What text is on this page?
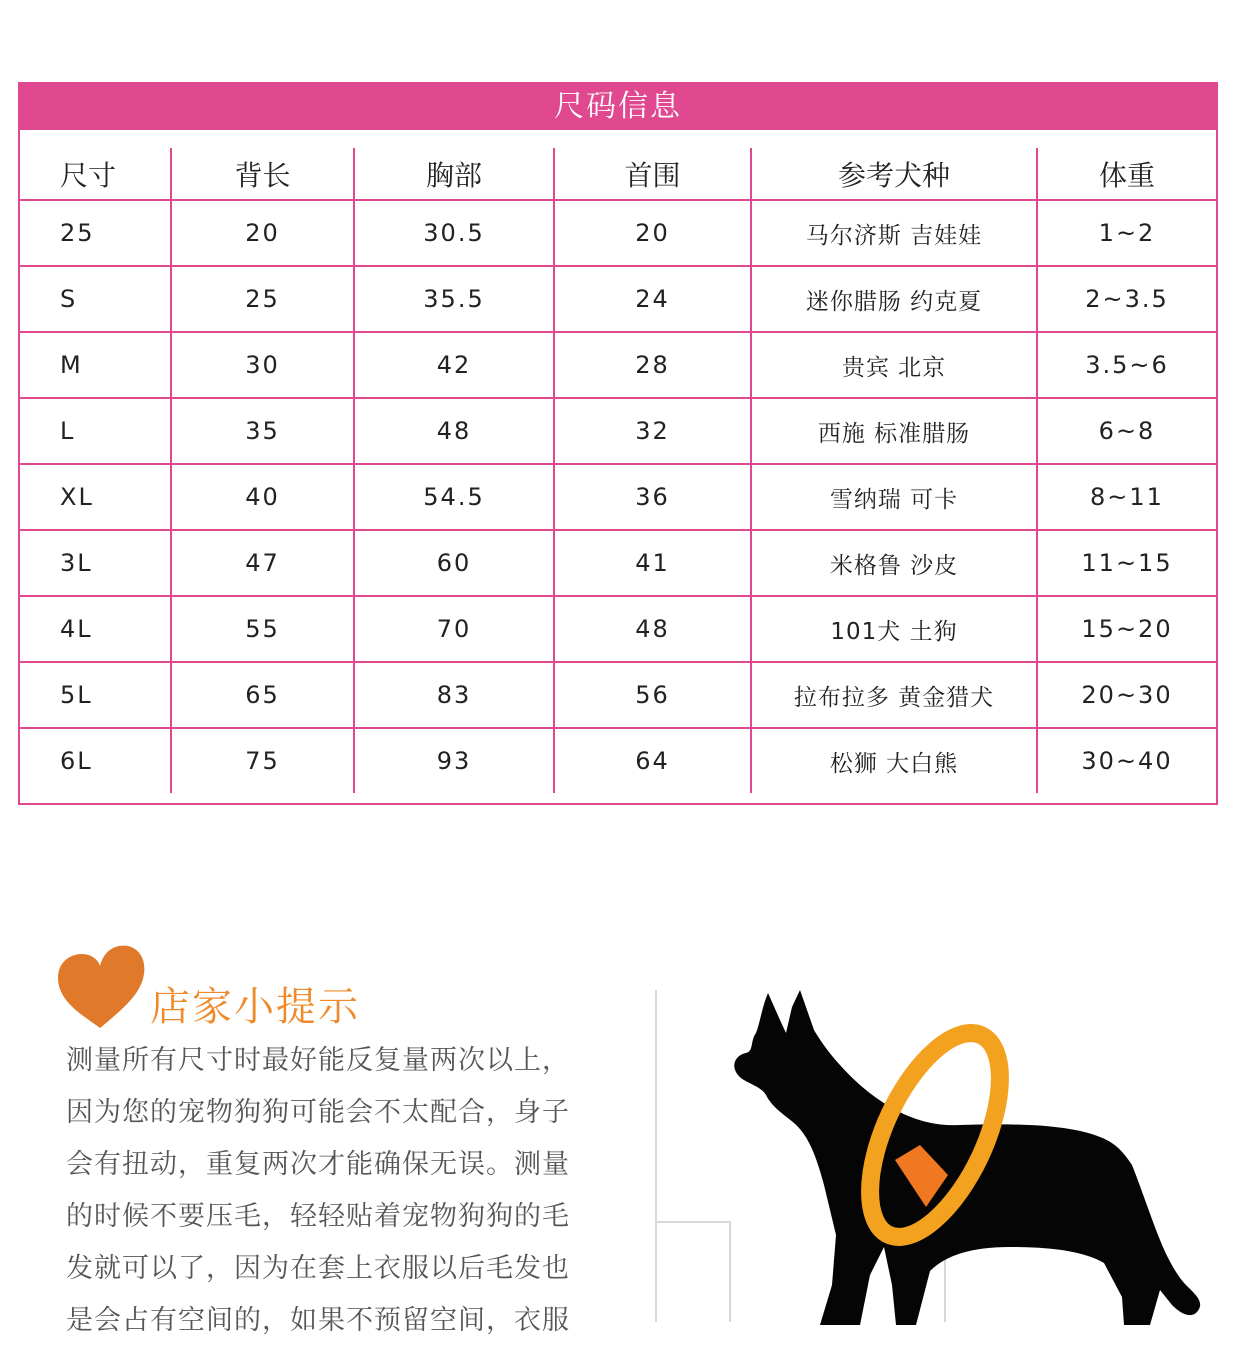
尺码信息
尺寸	背长	胸部	首围	参考犬种	体重
25	20	30.5	20	马尔济斯 吉娃娃	1~2
S	25	35.5	24	迷你腊肠 约克夏	2~3.5
M	30	42	28	贵宾 北京	3.5~6
L	35	48	32	西施 标准腊肠	6~8
XL	40	54.5	36	雪纳瑞 可卡	8~11
3L	47	60	41	米格鲁 沙皮	11~15
4L	55	70	48	101犬 土狗	15~20
5L	65	83	56	拉布拉多 黄金猎犬	20~30
6L	75	93	64	松狮 大白熊	30~40
店家小提示
测量所有尺寸时最好能反复量两次以上，
因为您的宠物狗狗可能会不太配合，身子
会有扭动，重复两次才能确保无误。测量
的时候不要压毛，轻轻贴着宠物狗狗的毛
发就可以了，因为在套上衣服以后毛发也
是会占有空间的，如果不预留空间，衣服
